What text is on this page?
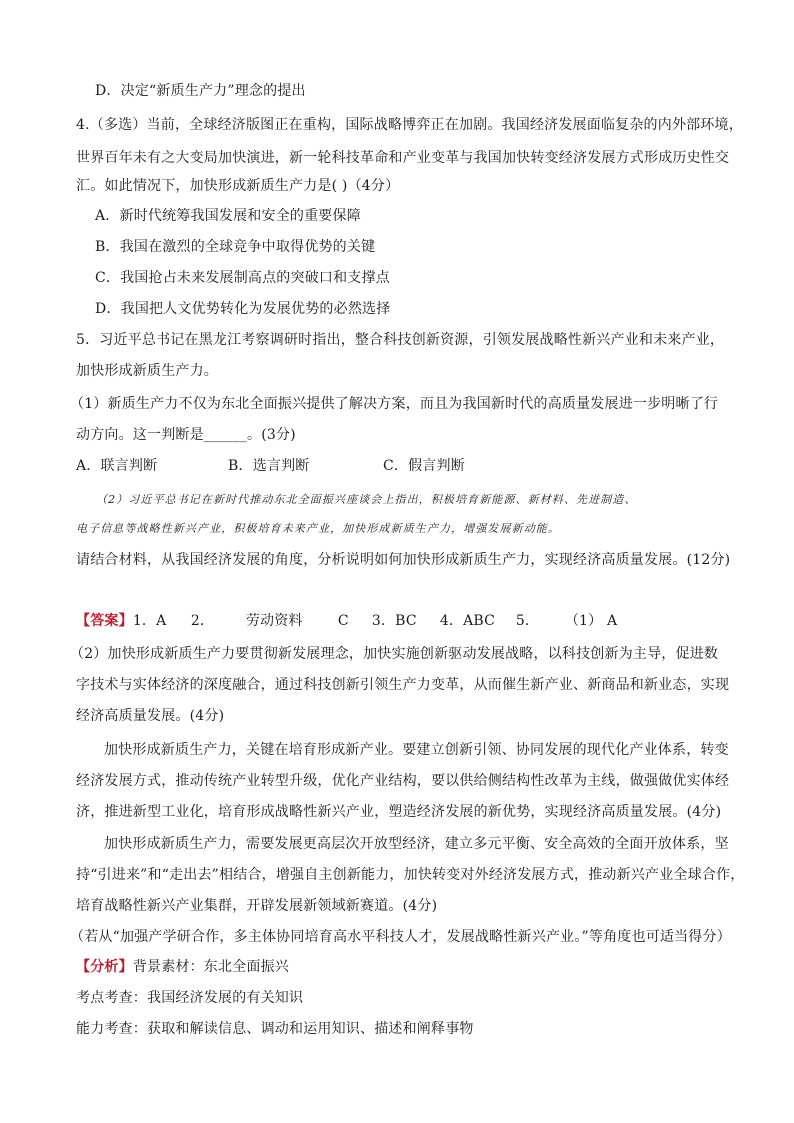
D．决定“新质生产力”理念的提出
4.（多选）当前，全球经济版图正在重构，国际战略博弈正在加剧。我国经济发展面临复杂的内外部环境，
世界百年未有之大变局加快演进，新一轮科技革命和产业变革与我国加快转变经济发展方式形成历史性交
汇。如此情况下，加快形成新质生产力是( )（4分）
A．新时代统筹我国发展和安全的重要保障
B．我国在激烈的全球竞争中取得优势的关键
C．我国抢占未来发展制高点的突破口和支撑点
D．我国把人文优势转化为发展优势的必然选择
5．习近平总书记在黑龙江考察调研时指出，整合科技创新资源，引领发展战略性新兴产业和未来产业，
加快形成新质生产力。
（1）新质生产力不仅为东北全面振兴提供了解决方案，而且为我国新时代的高质量发展进一步明晰了行
动方向。这一判断是______。(3分)
A．联言判断	B．选言判断	C．假言判断
（2）习近平总书记在新时代推动东北全面振兴座谈会上指出，积极培育新能源、新材料、先进制造、
电子信息等战略性新兴产业，积极培育未来产业，加快形成新质生产力，增强发展新动能。
请结合材料，从我国经济发展的角度，分析说明如何加快形成新质生产力，实现经济高质量发展。(12分)
【答案】1．A 2． 劳动资料	C 3．BC 4．ABC 5． （1） A
（2）加快形成新质生产力要贯彻新发展理念，加快实施创新驱动发展战略，以科技创新为主导，促进数
字技术与实体经济的深度融合，通过科技创新引领生产力变革，从而催生新产业、新商品和新业态，实现
经济高质量发展。(4分)
加快形成新质生产力，关键在培育形成新产业。要建立创新引领、协同发展的现代化产业体系，转变
经济发展方式，推动传统产业转型升级，优化产业结构，要以供给侧结构性改革为主线，做强做优实体经
济，推进新型工业化，培育形成战略性新兴产业，塑造经济发展的新优势，实现经济高质量发展。(4分)
加快形成新质生产力，需要发展更高层次开放型经济，建立多元平衡、安全高效的全面开放体系，坚
持“引进来”和“走出去”相结合，增强自主创新能力，加快转变对外经济发展方式，推动新兴产业全球合作，
培育战略性新兴产业集群，开辟发展新领域新赛道。(4分)
（若从“加强产学研合作，多主体协同培育高水平科技人才，发展战略性新兴产业。”等角度也可适当得分）
【分析】背景素材：东北全面振兴
考点考查：我国经济发展的有关知识
能力考查：获取和解读信息、调动和运用知识、描述和阐释事物
